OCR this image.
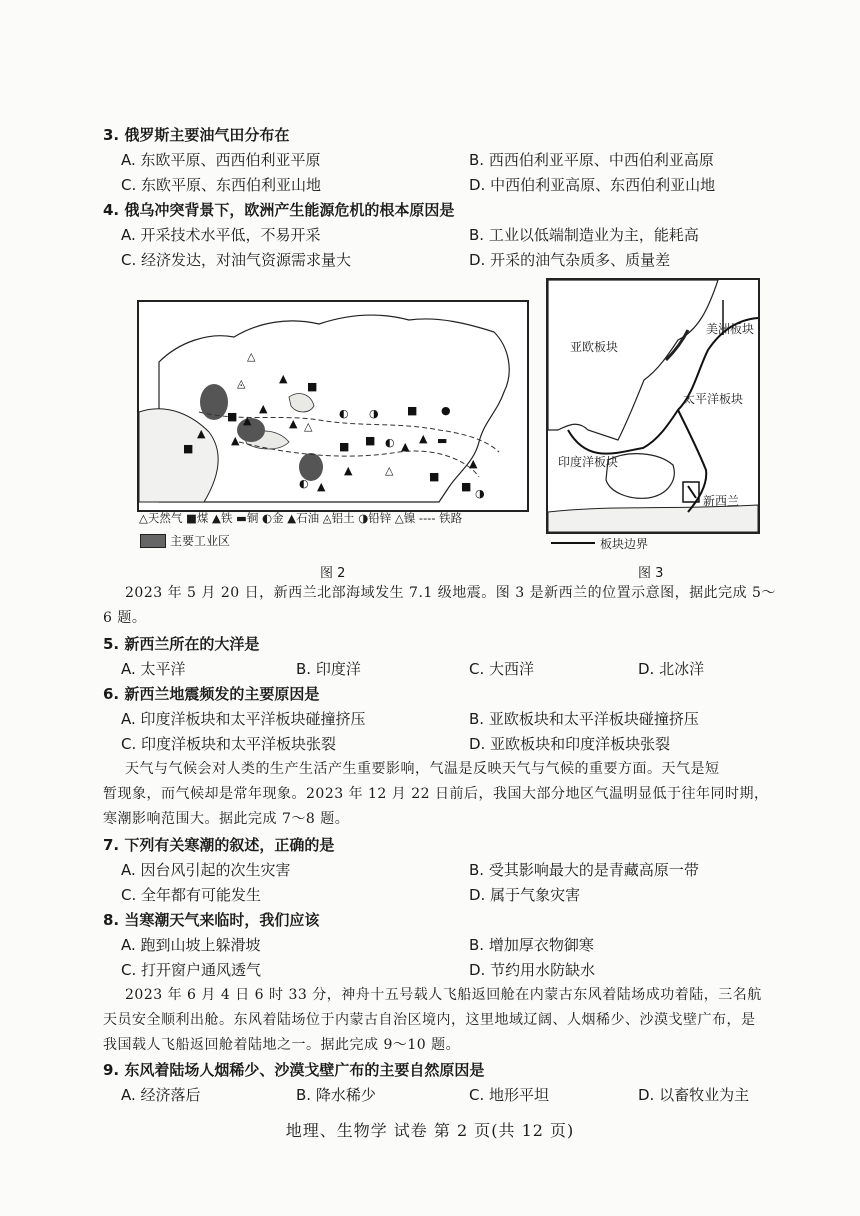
3. 俄罗斯主要油气田分布在
A. 东欧平原、西西伯利亚平原	B. 西西伯利亚平原、中西伯利亚高原
C. 东欧平原、东西伯利亚山地	D. 中西伯利亚高原、东西伯利亚山地
4. 俄乌冲突背景下，欧洲产生能源危机的根本原因是
A. 开采技术水平低，不易开采	B. 工业以低端制造业为主，能耗高
C. 经济发达，对油气资源需求量大	D. 开采的油气杂质多、质量差
△
◬	▲
■
■ ▲
▲
▲ △
◐ ◑	■ ●
■ ◐ ▲
▲ ▬
▲
■
▲	■
◐ ▲
▲	△	■
▲
◑
■
△天然气 ■煤 ▲铁 ▬铜 ◐金 ▲石油 ◬铝土 ◑铅锌 △镍 ---- 铁路
主要工业区
图 2
亚欧板块
美洲板块
太平洋板块
印度洋板块
新西兰
板块边界
图 3
2023 年 5 月 20 日，新西兰北部海域发生 7.1 级地震。图 3 是新西兰的位置示意图，据此完成 5～
6 题。
5. 新西兰所在的大洋是
A. 太平洋	B. 印度洋	C. 大西洋	D. 北冰洋
6. 新西兰地震频发的主要原因是
A. 印度洋板块和太平洋板块碰撞挤压	B. 亚欧板块和太平洋板块碰撞挤压
C. 印度洋板块和太平洋板块张裂	D. 亚欧板块和印度洋板块张裂
天气与气候会对人类的生产生活产生重要影响，气温是反映天气与气候的重要方面。天气是短
暂现象，而气候却是常年现象。2023 年 12 月 22 日前后，我国大部分地区气温明显低于往年同时期，
寒潮影响范围大。据此完成 7～8 题。
7. 下列有关寒潮的叙述，正确的是
A. 因台风引起的次生灾害	B. 受其影响最大的是青藏高原一带
C. 全年都有可能发生	D. 属于气象灾害
8. 当寒潮天气来临时，我们应该
A. 跑到山坡上躲滑坡	B. 增加厚衣物御寒
C. 打开窗户通风透气	D. 节约用水防缺水
2023 年 6 月 4 日 6 时 33 分，神舟十五号载人飞船返回舱在内蒙古东风着陆场成功着陆，三名航
天员安全顺利出舱。东风着陆场位于内蒙古自治区境内，这里地域辽阔、人烟稀少、沙漠戈壁广布，是
我国载人飞船返回舱着陆地之一。据此完成 9～10 题。
9. 东风着陆场人烟稀少、沙漠戈壁广布的主要自然原因是
A. 经济落后	B. 降水稀少	C. 地形平坦	D. 以畜牧业为主
地理、生物学 试卷 第 2 页(共 12 页)
